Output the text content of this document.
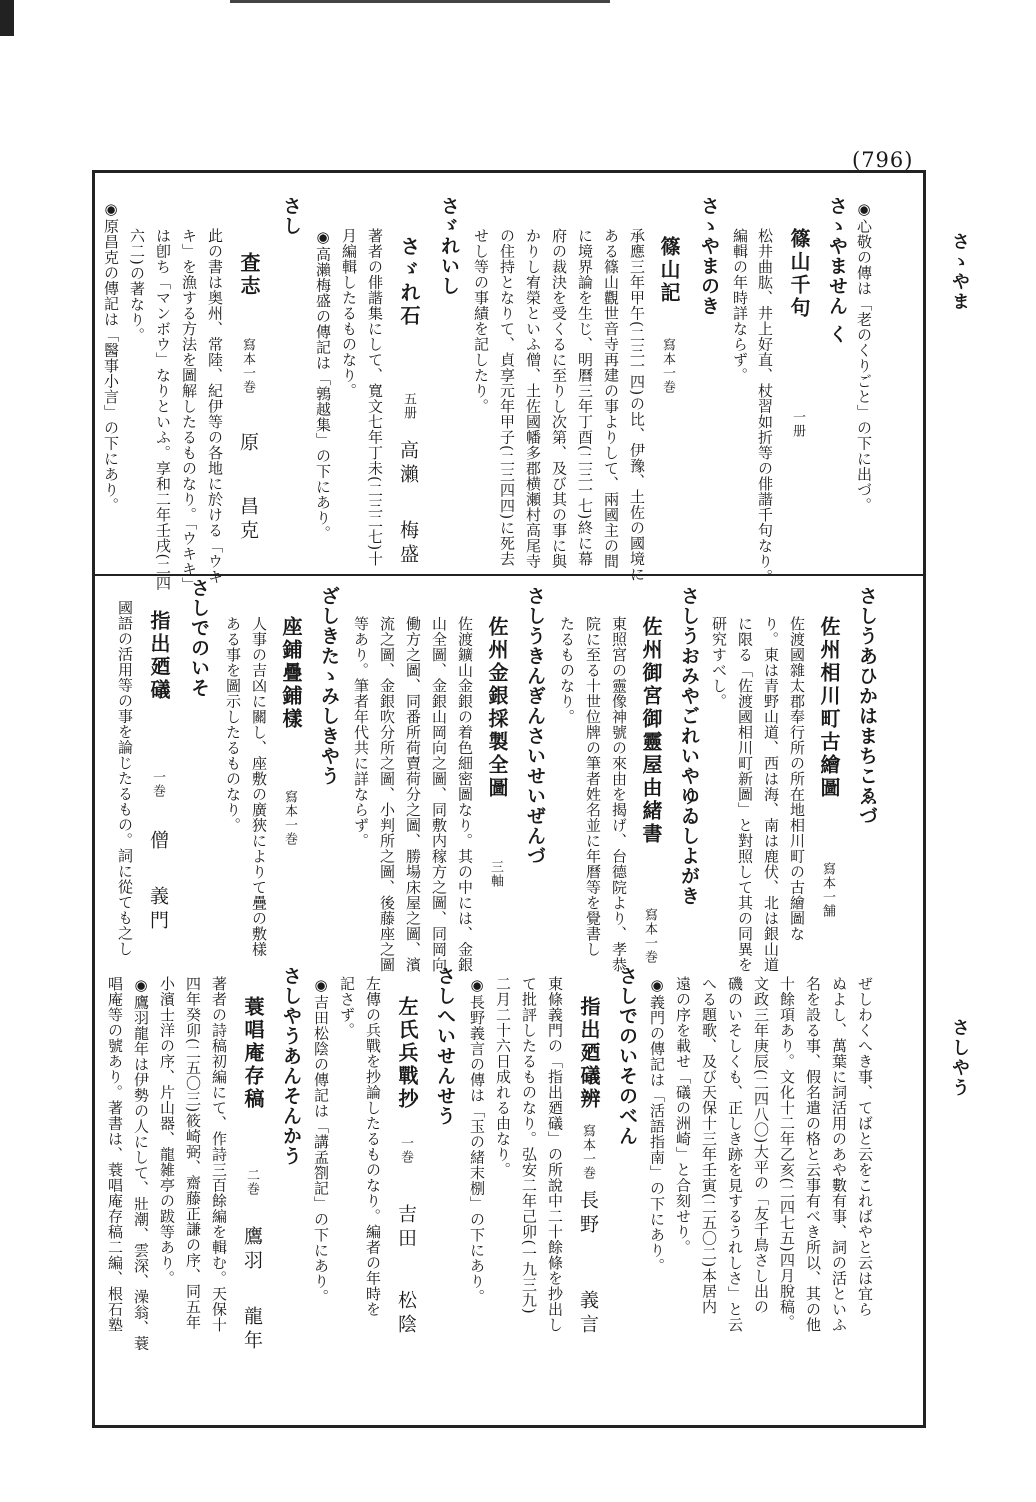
(796)
さゝやま
さしやう
◉心敬の傳は「老のくりごと」の下に出づ。
さゝやません く
篠山千句
一册
松井曲肱、井上好直、杖習如折等の俳諧千句なり。
編輯の年時詳ならず。
さゝやまのき
篠山記
寫本一巻
承應三年甲午(二三一四)の比、伊豫、土佐の國境に
ある篠山觀世音寺再建の事よりして、兩國主の間
に境界論を生じ、明曆三年丁酉(二三一七)終に幕
府の裁決を受くるに至りし次第、及び其の事に與
かりし宥榮といふ僧、土佐國幡多郡横瀬村高尾寺
の住持となりて、貞享元年甲子(二三四四)に死去
せし等の事績を記したり。
さゞれいし
さゞれ石
五册
高瀨
梅盛
著者の俳諧集にして、寬文七年丁未(二三二七)十
月編輯したるものなり。
◉高瀨梅盛の傳記は「鶉越集」の下にあり。
さし
査志
寫本一巻
原
昌克
此の書は奥州、常陸、紀伊等の各地に於ける「ウキ
キ」を漁する方法を圖解したるものなり。「ウキキ」
は卽ち「マンボウ」なりといふ。享和二年壬戌(二四
六二)の著なり。
◉原昌克の傳記は「醫事小言」の下にあり。
さしうあひかはまちこゑづ
佐州相川町古繪圖
寫本一舗
佐渡國雜太郡奉行所の所在地相川町の古繪圖な
り。東は青野山道、西は海、南は鹿伏、北は銀山道
に限る「佐渡國相川町新圖」と對照して其の同異を
研究すべし。
さしうおみやごれいやゆゐしよがき
佐州御宮御靈屋由緒書
寫本一巻
東照宮の靈像神號の來由を揭げ、台德院より、孝恭
院に至る十世位牌の筆者姓名並に年曆等を覺書し
たるものなり。
さしうきんぎんさいせいぜんづ
佐州金銀採製全圖
三軸
佐渡鑛山金銀の着色細密圖なり。其の中には、金銀
山全圖、金銀山岡向之圖、同敷内稼方之圖、同岡向
働方之圖、同番所荷賣荷分之圖、勝場床屋之圖、濱
流之圖、金銀吹分所之圖、小判所之圖、後藤座之圖
等あり。筆者年代共に詳ならず。
ざしきたゝみしきやう
座鋪疊鋪樣
寫本一巻
人事の吉凶に關し、座敷の廣狹によりて疊の敷樣
ある事を圖示したるものなり。
さしでのいそ
指出廼礒
一巻
僧
義門
國語の活用等の事を論じたるもの。詞に從ても之し
ぜしわくへき事、てばと云をこればやと云は宜ら
ぬよし、萬葉に詞活用のあや數有事、詞の活といふ
名を設る事、假名遣の格と云事有べき所以、其の他
十餘項あり。文化十二年乙亥(二四七五)四月脫稿。
文政三年庚辰(二四八〇)大平の「友千鳥さし出の
磯のいそしくも、正しき跡を見するうれしさ」と云
へる題歌、及び天保十三年壬寅(二五〇二)本居内
遠の序を載せ「礒の洲崎」と合刻せり。
◉義門の傳記は「活語指南」の下にあり。
さしでのいそのべん
指出廼礒辨
寫本一巻
長野
義言
東條義門の「指出廼礒」の所說中二十餘條を抄出し
て批評したるものなり。弘安二年己卯(一九三九)
二月二十六日成れる由なり。
◉長野義言の傳は「玉の緒末㭭」の下にあり。
さしへいせんせう
左氏兵戰抄
一巻
吉田
松陰
左傳の兵戰を抄論したるものなり。編者の年時を
記さず。
◉吉田松陰の傳記は「講孟劄記」の下にあり。
さしやうあんそんかう
蓑唱庵存稿
二巻
鷹羽
龍年
著者の詩稿初編にて、作詩三百餘編を輯む。天保十
四年癸卯(二五〇三)筱崎弼、齋藤正謙の序、同五年
小濱士洋の序、片山器、龍雑亭の跋等あり。
◉鷹羽龍年は伊勢の人にして、壯潮、雲深、澡翁、蓑
唱庵等の號あり。著書は、蓑唱庵存稿二編、根石塾
